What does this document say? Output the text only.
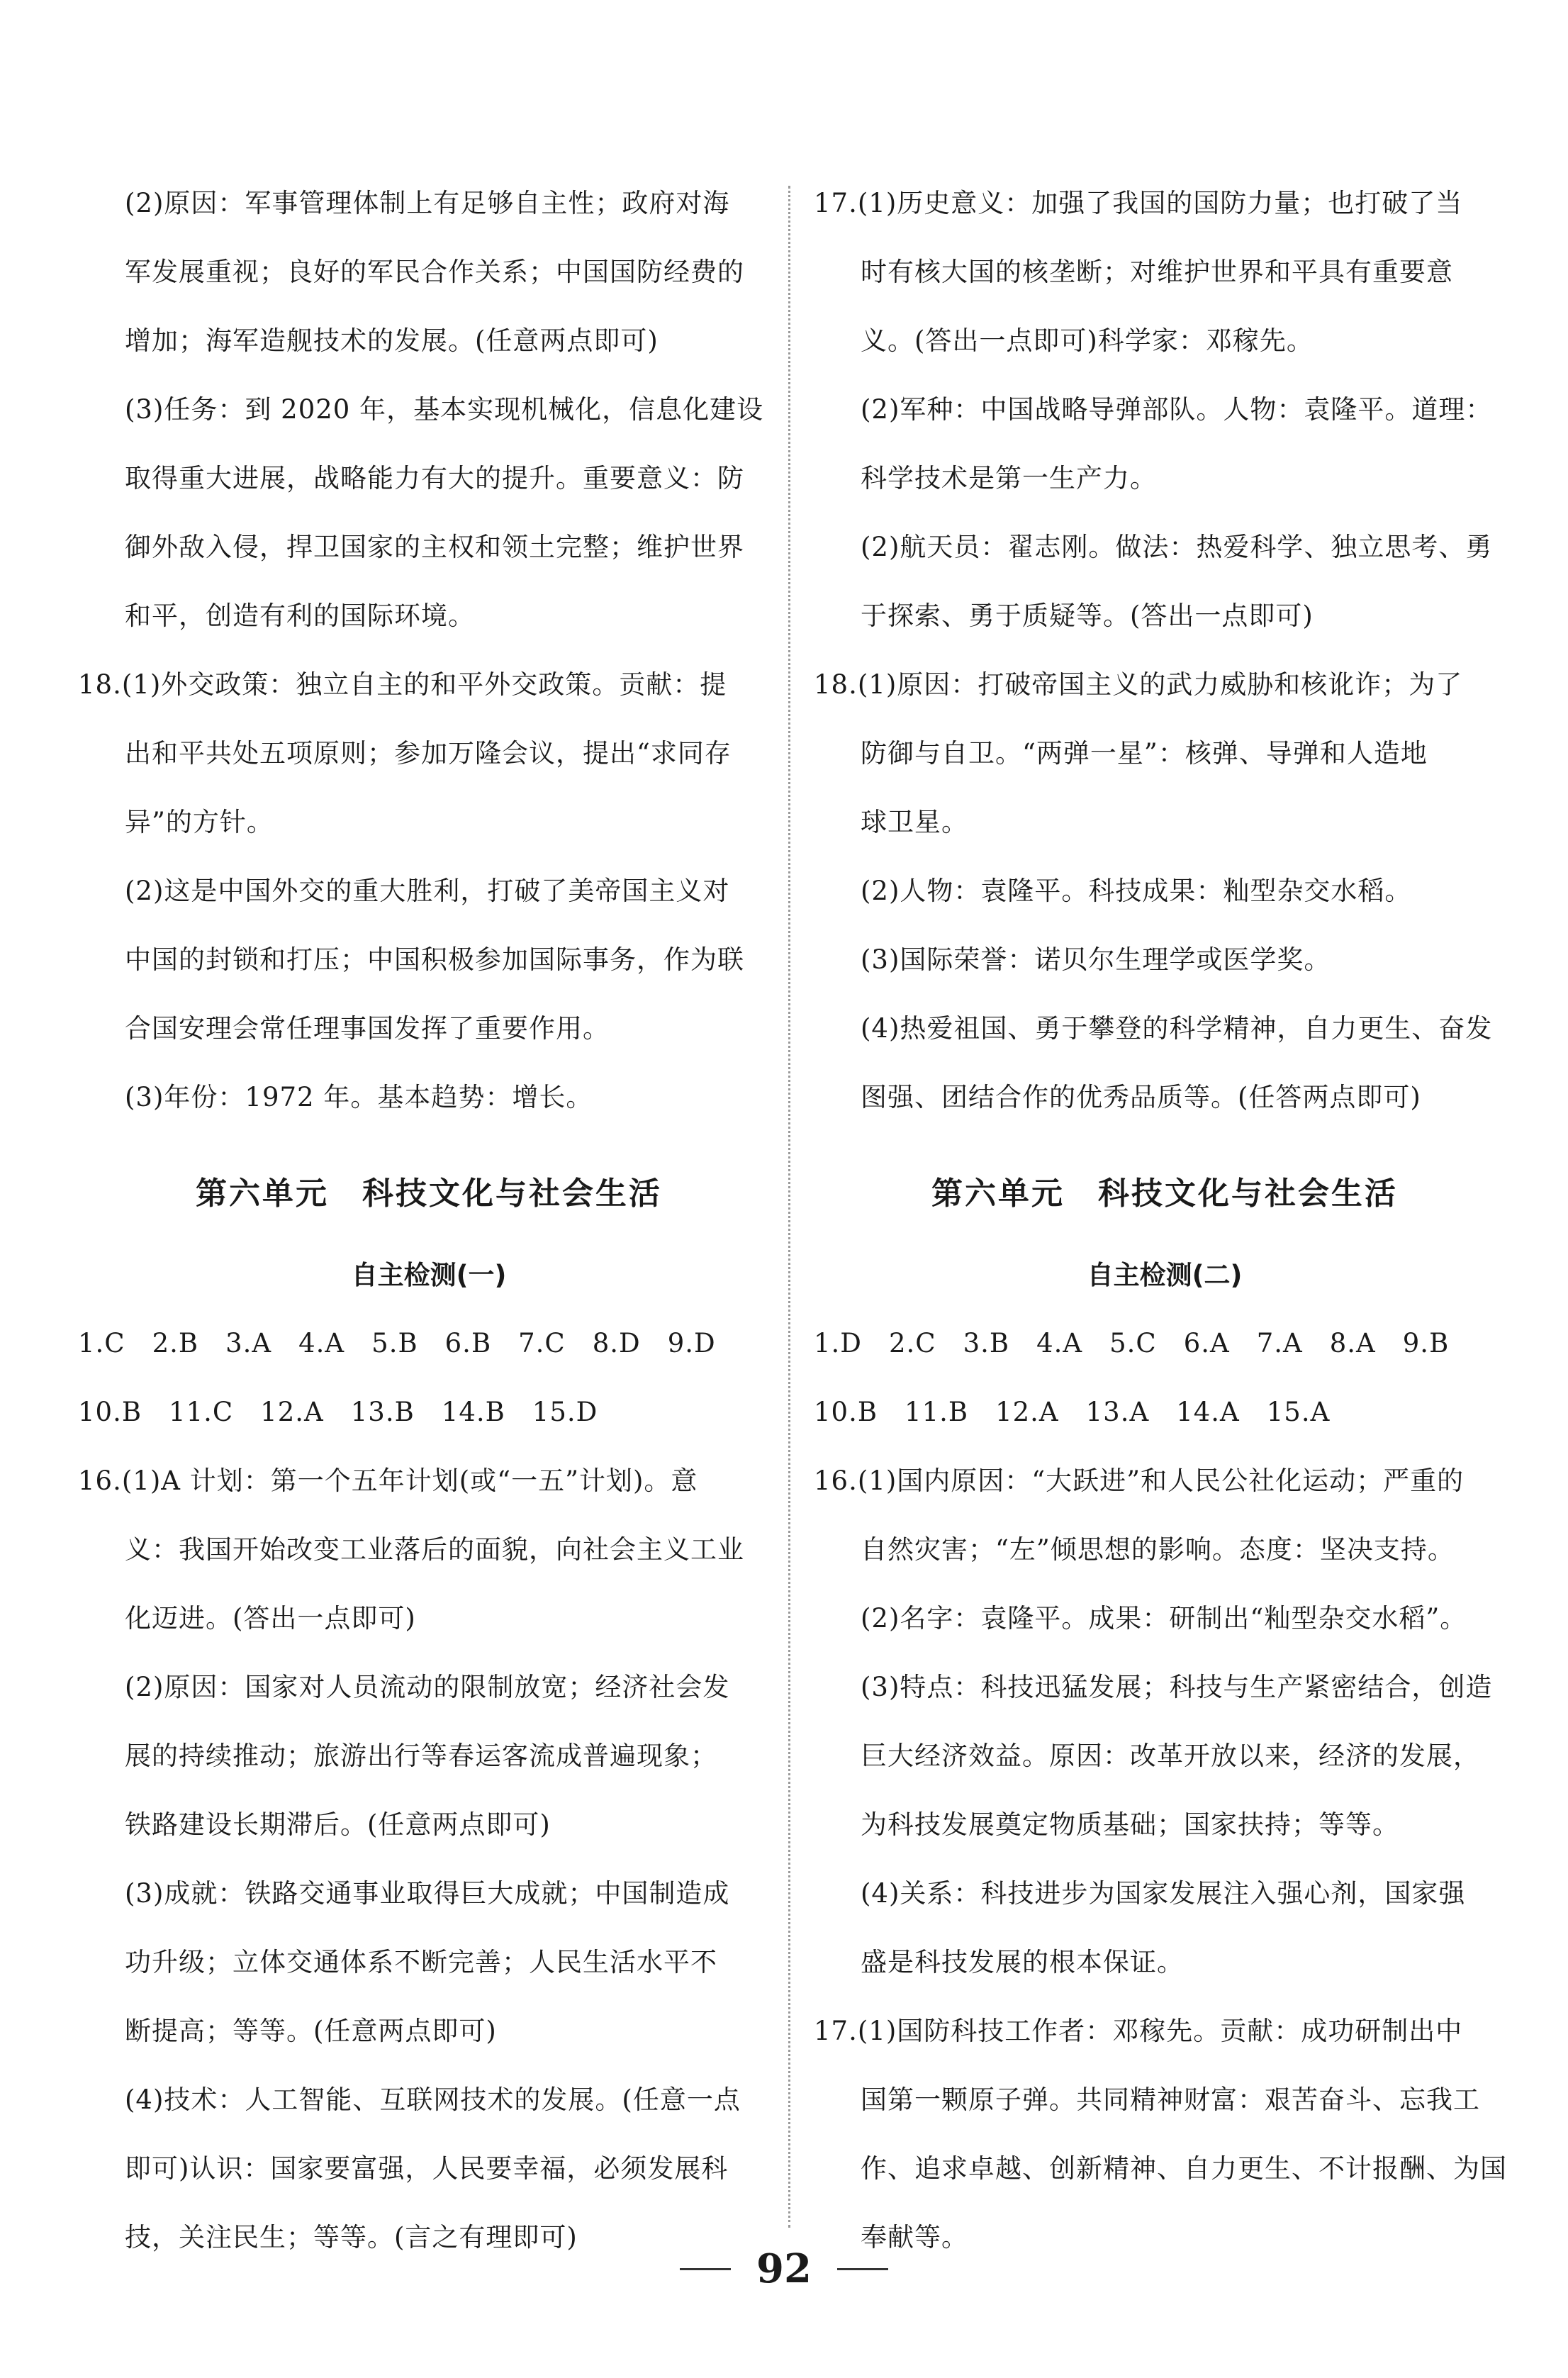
(2)原因：军事管理体制上有足够自主性；政府对海
军发展重视；良好的军民合作关系；中国国防经费的
增加；海军造舰技术的发展。(任意两点即可)
(3)任务：到 2020 年，基本实现机械化，信息化建设
取得重大进展，战略能力有大的提升。重要意义：防
御外敌入侵，捍卫国家的主权和领土完整；维护世界
和平，创造有利的国际环境。
18.(1)外交政策：独立自主的和平外交政策。贡献：提
出和平共处五项原则；参加万隆会议，提出“求同存
异”的方针。
(2)这是中国外交的重大胜利，打破了美帝国主义对
中国的封锁和打压；中国积极参加国际事务，作为联
合国安理会常任理事国发挥了重要作用。
(3)年份：1972 年。基本趋势：增长。
第六单元　科技文化与社会生活
自主检测(一)
1.C　2.B　3.A　4.A　5.B　6.B　7.C　8.D　9.D
10.B　11.C　12.A　13.B　14.B　15.D
16.(1)A 计划：第一个五年计划(或“一五”计划)。意
义：我国开始改变工业落后的面貌，向社会主义工业
化迈进。(答出一点即可)
(2)原因：国家对人员流动的限制放宽；经济社会发
展的持续推动；旅游出行等春运客流成普遍现象；
铁路建设长期滞后。(任意两点即可)
(3)成就：铁路交通事业取得巨大成就；中国制造成
功升级；立体交通体系不断完善；人民生活水平不
断提高；等等。(任意两点即可)
(4)技术：人工智能、互联网技术的发展。(任意一点
即可)认识：国家要富强，人民要幸福，必须发展科
技，关注民生；等等。(言之有理即可)
17.(1)历史意义：加强了我国的国防力量；也打破了当
时有核大国的核垄断；对维护世界和平具有重要意
义。(答出一点即可)科学家：邓稼先。
(2)军种：中国战略导弹部队。人物：袁隆平。道理：
科学技术是第一生产力。
(2)航天员：翟志刚。做法：热爱科学、独立思考、勇
于探索、勇于质疑等。(答出一点即可)
18.(1)原因：打破帝国主义的武力威胁和核讹诈；为了
防御与自卫。“两弹一星”：核弹、导弹和人造地
球卫星。
(2)人物：袁隆平。科技成果：籼型杂交水稻。
(3)国际荣誉：诺贝尔生理学或医学奖。
(4)热爱祖国、勇于攀登的科学精神，自力更生、奋发
图强、团结合作的优秀品质等。(任答两点即可)
第六单元　科技文化与社会生活
自主检测(二)
1.D　2.C　3.B　4.A　5.C　6.A　7.A　8.A　9.B
10.B　11.B　12.A　13.A　14.A　15.A
16.(1)国内原因：“大跃进”和人民公社化运动；严重的
自然灾害；“左”倾思想的影响。态度：坚决支持。
(2)名字：袁隆平。成果：研制出“籼型杂交水稻”。
(3)特点：科技迅猛发展；科技与生产紧密结合，创造
巨大经济效益。原因：改革开放以来，经济的发展，
为科技发展奠定物质基础；国家扶持；等等。
(4)关系：科技进步为国家发展注入强心剂，国家强
盛是科技发展的根本保证。
17.(1)国防科技工作者：邓稼先。贡献：成功研制出中
国第一颗原子弹。共同精神财富：艰苦奋斗、忘我工
作、追求卓越、创新精神、自力更生、不计报酬、为国
奉献等。
92
